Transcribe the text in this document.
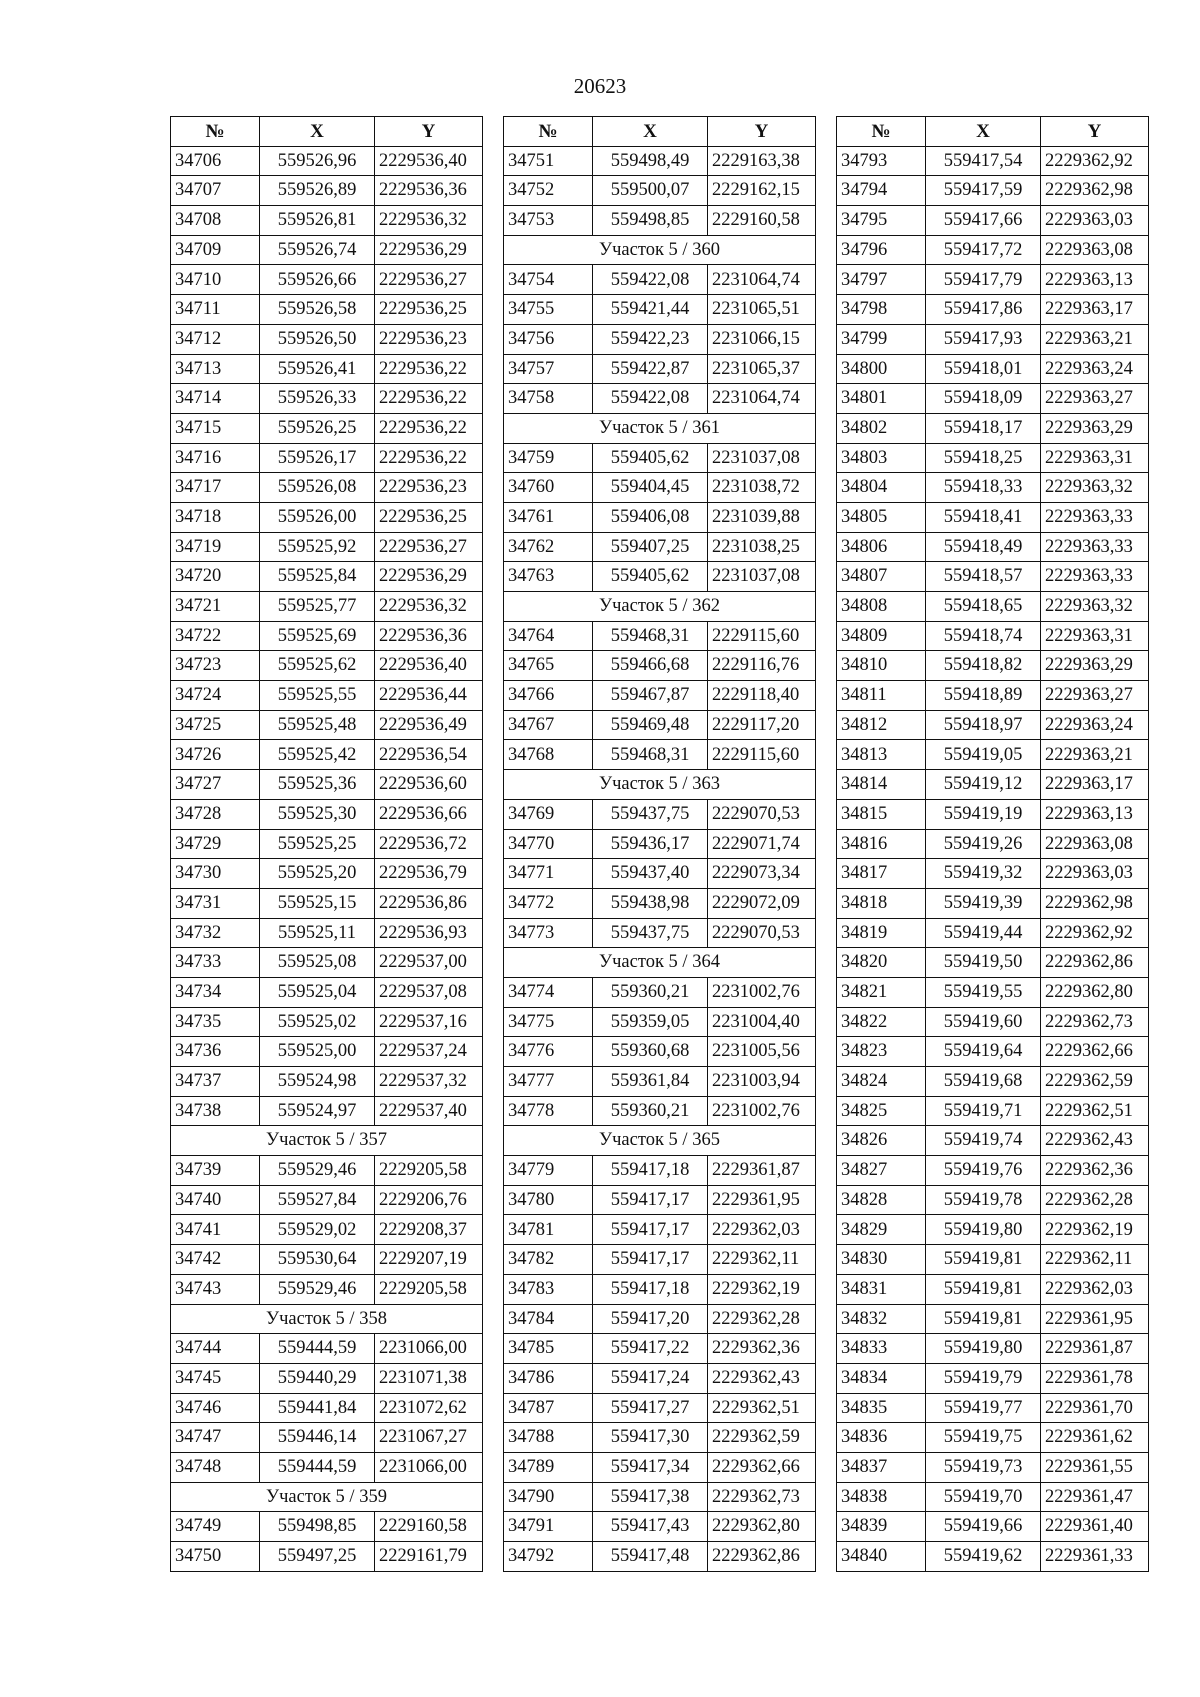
20623
№	X	Y
34706	559526,96	2229536,40
34707	559526,89	2229536,36
34708	559526,81	2229536,32
34709	559526,74	2229536,29
34710	559526,66	2229536,27
34711	559526,58	2229536,25
34712	559526,50	2229536,23
34713	559526,41	2229536,22
34714	559526,33	2229536,22
34715	559526,25	2229536,22
34716	559526,17	2229536,22
34717	559526,08	2229536,23
34718	559526,00	2229536,25
34719	559525,92	2229536,27
34720	559525,84	2229536,29
34721	559525,77	2229536,32
34722	559525,69	2229536,36
34723	559525,62	2229536,40
34724	559525,55	2229536,44
34725	559525,48	2229536,49
34726	559525,42	2229536,54
34727	559525,36	2229536,60
34728	559525,30	2229536,66
34729	559525,25	2229536,72
34730	559525,20	2229536,79
34731	559525,15	2229536,86
34732	559525,11	2229536,93
34733	559525,08	2229537,00
34734	559525,04	2229537,08
34735	559525,02	2229537,16
34736	559525,00	2229537,24
34737	559524,98	2229537,32
34738	559524,97	2229537,40
Участок 5 / 357		
34739	559529,46	2229205,58
34740	559527,84	2229206,76
34741	559529,02	2229208,37
34742	559530,64	2229207,19
34743	559529,46	2229205,58
Участок 5 / 358		
34744	559444,59	2231066,00
34745	559440,29	2231071,38
34746	559441,84	2231072,62
34747	559446,14	2231067,27
34748	559444,59	2231066,00
Участок 5 / 359		
34749	559498,85	2229160,58
34750	559497,25	2229161,79
№	X	Y
34751	559498,49	2229163,38
34752	559500,07	2229162,15
34753	559498,85	2229160,58
Участок 5 / 360		
34754	559422,08	2231064,74
34755	559421,44	2231065,51
34756	559422,23	2231066,15
34757	559422,87	2231065,37
34758	559422,08	2231064,74
Участок 5 / 361		
34759	559405,62	2231037,08
34760	559404,45	2231038,72
34761	559406,08	2231039,88
34762	559407,25	2231038,25
34763	559405,62	2231037,08
Участок 5 / 362		
34764	559468,31	2229115,60
34765	559466,68	2229116,76
34766	559467,87	2229118,40
34767	559469,48	2229117,20
34768	559468,31	2229115,60
Участок 5 / 363		
34769	559437,75	2229070,53
34770	559436,17	2229071,74
34771	559437,40	2229073,34
34772	559438,98	2229072,09
34773	559437,75	2229070,53
Участок 5 / 364		
34774	559360,21	2231002,76
34775	559359,05	2231004,40
34776	559360,68	2231005,56
34777	559361,84	2231003,94
34778	559360,21	2231002,76
Участок 5 / 365		
34779	559417,18	2229361,87
34780	559417,17	2229361,95
34781	559417,17	2229362,03
34782	559417,17	2229362,11
34783	559417,18	2229362,19
34784	559417,20	2229362,28
34785	559417,22	2229362,36
34786	559417,24	2229362,43
34787	559417,27	2229362,51
34788	559417,30	2229362,59
34789	559417,34	2229362,66
34790	559417,38	2229362,73
34791	559417,43	2229362,80
34792	559417,48	2229362,86
№	X	Y
34793	559417,54	2229362,92
34794	559417,59	2229362,98
34795	559417,66	2229363,03
34796	559417,72	2229363,08
34797	559417,79	2229363,13
34798	559417,86	2229363,17
34799	559417,93	2229363,21
34800	559418,01	2229363,24
34801	559418,09	2229363,27
34802	559418,17	2229363,29
34803	559418,25	2229363,31
34804	559418,33	2229363,32
34805	559418,41	2229363,33
34806	559418,49	2229363,33
34807	559418,57	2229363,33
34808	559418,65	2229363,32
34809	559418,74	2229363,31
34810	559418,82	2229363,29
34811	559418,89	2229363,27
34812	559418,97	2229363,24
34813	559419,05	2229363,21
34814	559419,12	2229363,17
34815	559419,19	2229363,13
34816	559419,26	2229363,08
34817	559419,32	2229363,03
34818	559419,39	2229362,98
34819	559419,44	2229362,92
34820	559419,50	2229362,86
34821	559419,55	2229362,80
34822	559419,60	2229362,73
34823	559419,64	2229362,66
34824	559419,68	2229362,59
34825	559419,71	2229362,51
34826	559419,74	2229362,43
34827	559419,76	2229362,36
34828	559419,78	2229362,28
34829	559419,80	2229362,19
34830	559419,81	2229362,11
34831	559419,81	2229362,03
34832	559419,81	2229361,95
34833	559419,80	2229361,87
34834	559419,79	2229361,78
34835	559419,77	2229361,70
34836	559419,75	2229361,62
34837	559419,73	2229361,55
34838	559419,70	2229361,47
34839	559419,66	2229361,40
34840	559419,62	2229361,33
